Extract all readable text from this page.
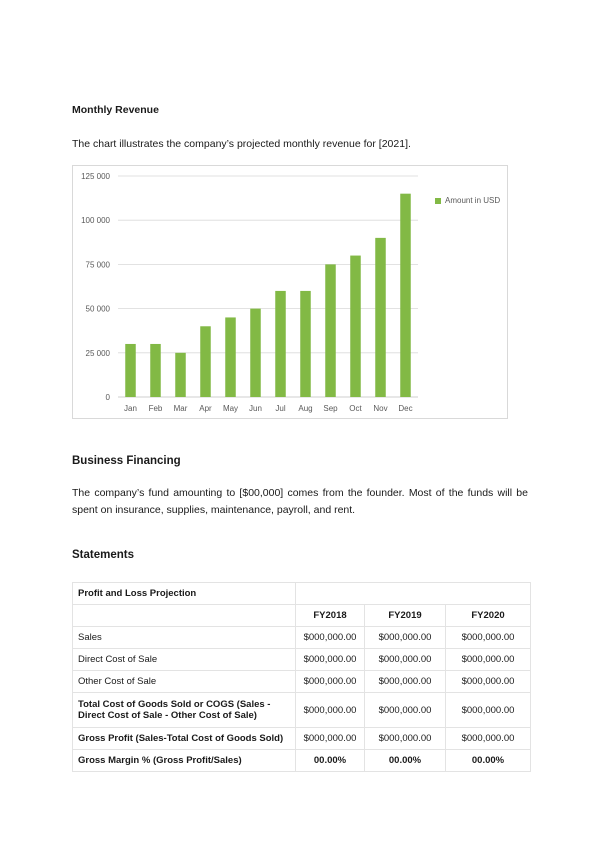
Monthly Revenue
The chart illustrates the company’s projected monthly revenue for [2021].
0
25 000
50 000
75 000
100 000
125 000
Jan Feb Mar Apr May Jun Jul Aug Sep Oct Nov Dec
Amount in USD
Business Financing
The company’s fund amounting to [$00,000] comes from the founder. Most of the funds will be spent on insurance, supplies, maintenance, payroll, and rent.
Statements
Profit and Loss Projection			
	FY2018	FY2019	FY2020
Sales	$000,000.00	$000,000.00	$000,000.00
Direct Cost of Sale	$000,000.00	$000,000.00	$000,000.00
Other Cost of Sale	$000,000.00	$000,000.00	$000,000.00
Total Cost of Goods Sold or COGS (Sales - Direct Cost of Sale - Other Cost of Sale)	$000,000.00	$000,000.00	$000,000.00
Gross Profit (Sales-Total Cost of Goods Sold)	$000,000.00	$000,000.00	$000,000.00
Gross Margin % (Gross Profit/Sales)	00.00%	00.00%	00.00%
